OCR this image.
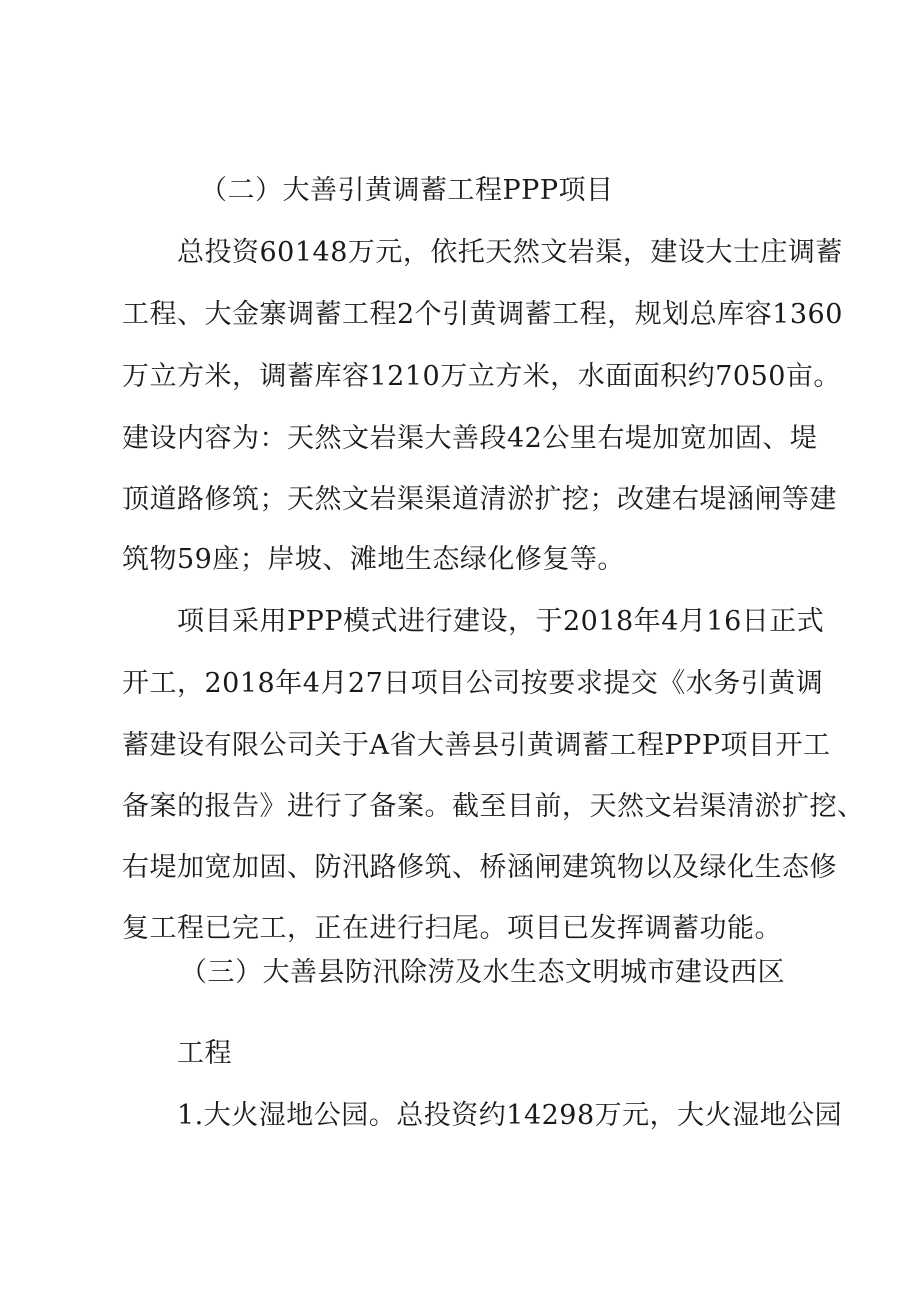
（二）大善引黄调蓄工程PPP项目
总投资60148万元，依托天然文岩渠，建设大士庄调蓄
工程、大金寨调蓄工程2个引黄调蓄工程，规划总库容1360
万立方米，调蓄库容1210万立方米，水面面积约7050亩。
建设内容为：天然文岩渠大善段42公里右堤加宽加固、堤
顶道路修筑；天然文岩渠渠道清淤扩挖；改建右堤涵闸等建
筑物59座；岸坡、滩地生态绿化修复等。
项目采用PPP模式进行建设，于2018年4月16日正式
开工，2018年4月27日项目公司按要求提交《水务引黄调
蓄建设有限公司关于A省大善县引黄调蓄工程PPP项目开工
备案的报告》进行了备案。截至目前，天然文岩渠清淤扩挖、
右堤加宽加固、防汛路修筑、桥涵闸建筑物以及绿化生态修
复工程已完工，正在进行扫尾。项目已发挥调蓄功能。
（三）大善县防汛除涝及水生态文明城市建设西区
工程
1.大火湿地公园。总投资约14298万元，大火湿地公园
